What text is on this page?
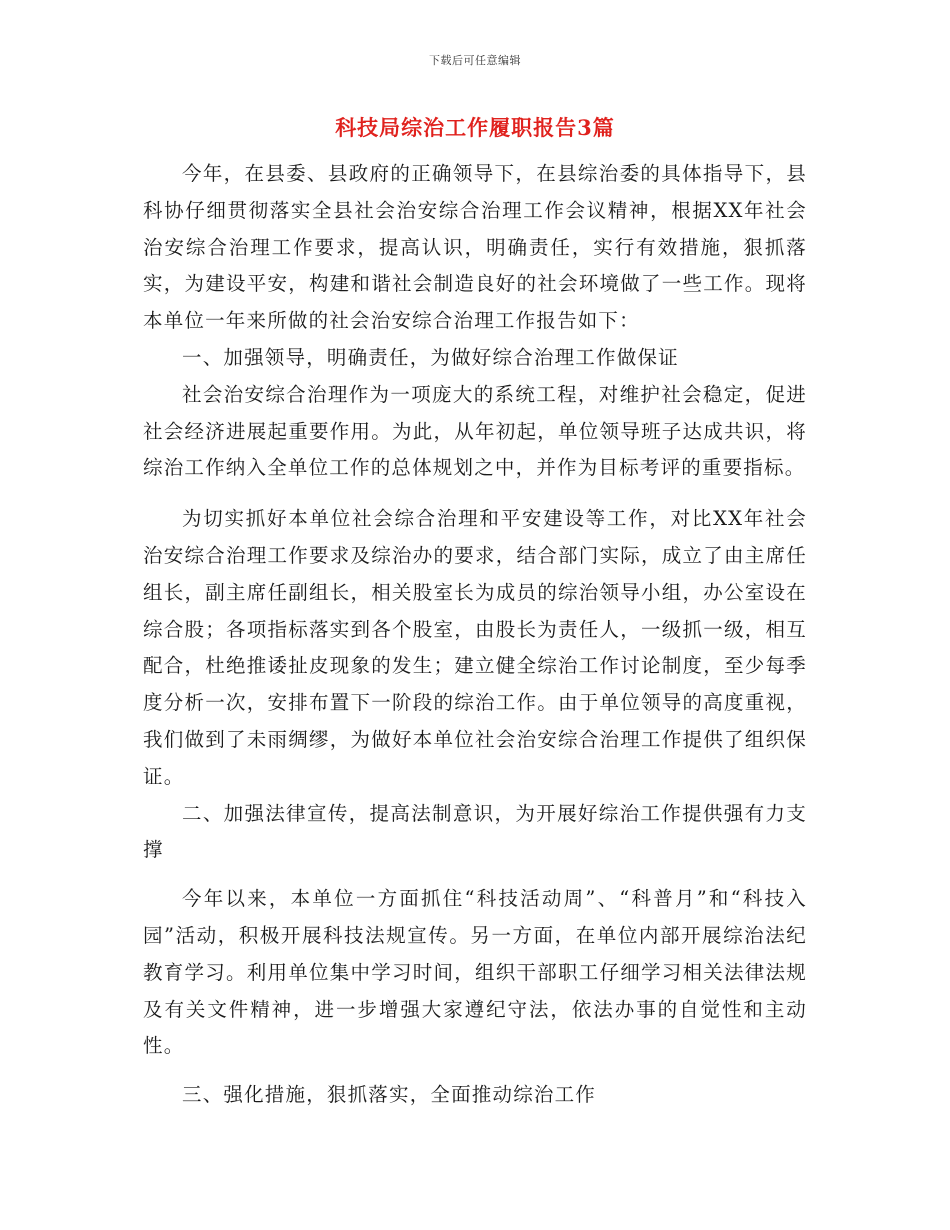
下载后可任意编辑
科技局综治工作履职报告3篇

今年，在县委、县政府的正确领导下，在县综治委的具体指导下，县科协仔细贯彻落实全县社会治安综合治理工作会议精神，根据XX年社会治安综合治理工作要求，提高认识，明确责任，实行有效措施，狠抓落实，为建设平安，构建和谐社会制造良好的社会环境做了一些工作。现将本单位一年来所做的社会治安综合治理工作报告如下：

一、加强领导，明确责任，为做好综合治理工作做保证

社会治安综合治理作为一项庞大的系统工程，对维护社会稳定，促进社会经济进展起重要作用。为此，从年初起，单位领导班子达成共识，将综治工作纳入全单位工作的总体规划之中，并作为目标考评的重要指标。

为切实抓好本单位社会综合治理和平安建设等工作，对比XX年社会治安综合治理工作要求及综治办的要求，结合部门实际，成立了由主席任组长，副主席任副组长，相关股室长为成员的综治领导小组，办公室设在综合股；各项指标落实到各个股室，由股长为责任人，一级抓一级，相互配合，杜绝推诿扯皮现象的发生；建立健全综治工作讨论制度，至少每季度分析一次，安排布置下一阶段的综治工作。由于单位领导的高度重视，我们做到了未雨绸缪，为做好本单位社会治安综合治理工作提供了组织保证。

二、加强法律宣传，提高法制意识，为开展好综治工作提供强有力支撑

今年以来，本单位一方面抓住“科技活动周”、“科普月”和“科技入园”活动，积极开展科技法规宣传。另一方面，在单位内部开展综治法纪教育学习。利用单位集中学习时间，组织干部职工仔细学习相关法律法规及有关文件精神，进一步增强大家遵纪守法，依法办事的自觉性和主动性。

三、强化措施，狠抓落实，全面推动综治工作
